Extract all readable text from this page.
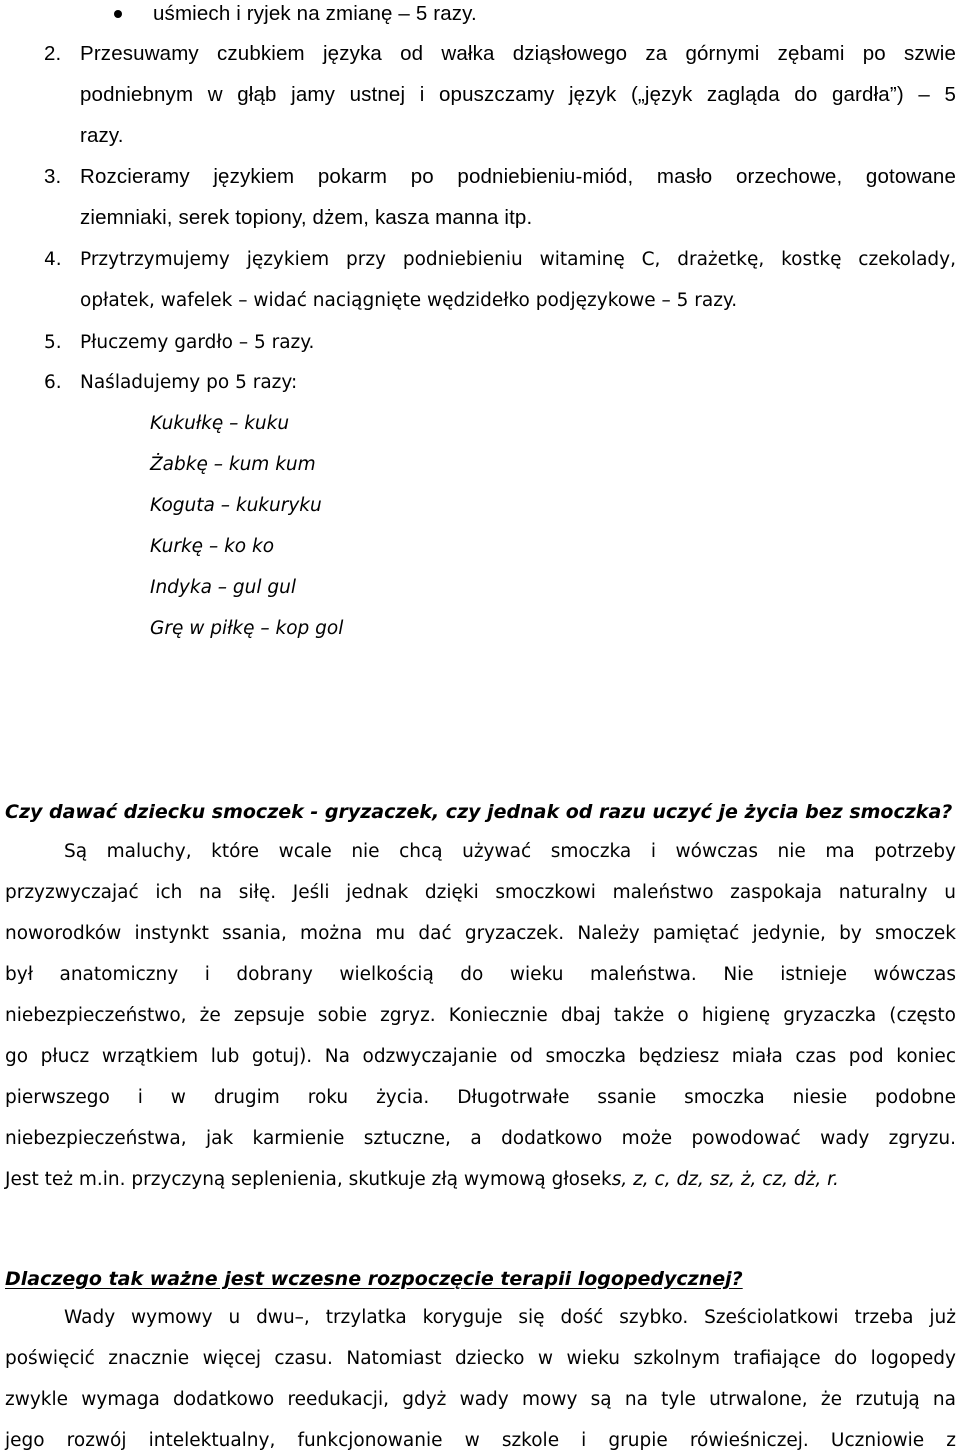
uśmiech i ryjek na zmianę – 5 razy.
2. Przesuwamy czubkiem języka od wałka dziąsłowego za górnymi zębami po szwie
podniebnym w głąb jamy ustnej i opuszczamy język („język zagląda do gardła”) – 5
razy.
3. Rozcieramy językiem pokarm po podniebieniu-miód, masło orzechowe, gotowane
ziemniaki, serek topiony, dżem, kasza manna itp.
4. Przytrzymujemy językiem przy podniebieniu witaminę C, drażetkę, kostkę czekolady,
opłatek, wafelek – widać naciągnięte wędzidełko podjęzykowe – 5 razy.
5. Płuczemy gardło – 5 razy.
6. Naśladujemy po 5 razy:
Kukułkę – kuku
Żabkę – kum kum
Koguta – kukuryku
Kurkę – ko ko
Indyka – gul gul
Grę w piłkę – kop gol
Czy dawać dziecku smoczek - gryzaczek, czy jednak od razu uczyć je życia bez smoczka?
Są maluchy, które wcale nie chcą używać smoczka i wówczas nie ma potrzeby
przyzwyczajać ich na siłę. Jeśli jednak dzięki smoczkowi maleństwo zaspokaja naturalny u
noworodków instynkt ssania, można mu dać gryzaczek. Należy pamiętać jedynie, by smoczek
był anatomiczny i dobrany wielkością do wieku maleństwa. Nie istnieje wówczas
niebezpieczeństwo, że zepsuje sobie zgryz. Koniecznie dbaj także o higienę gryzaczka (często
go płucz wrzątkiem lub gotuj). Na odzwyczajanie od smoczka będziesz miała czas pod koniec
pierwszego i w drugim roku życia. Długotrwałe ssanie smoczka niesie podobne
niebezpieczeństwa, jak karmienie sztuczne, a dodatkowo może powodować wady zgryzu.
Jest też m.in. przyczyną seplenienia, skutkuje złą wymową głoseks, z, c, dz, sz, ż, cz, dż, r.
Dlaczego tak ważne jest wczesne rozpoczęcie terapii logopedycznej?
Wady wymowy u dwu–, trzylatka koryguje się dość szybko. Sześciolatkowi trzeba już
poświęcić znacznie więcej czasu. Natomiast dziecko w wieku szkolnym trafiające do logopedy
zwykle wymaga dodatkowo reedukacji, gdyż wady mowy są na tyle utrwalone, że rzutują na
jego rozwój intelektualny, funkcjonowanie w szkole i grupie rówieśniczej. Uczniowie z
